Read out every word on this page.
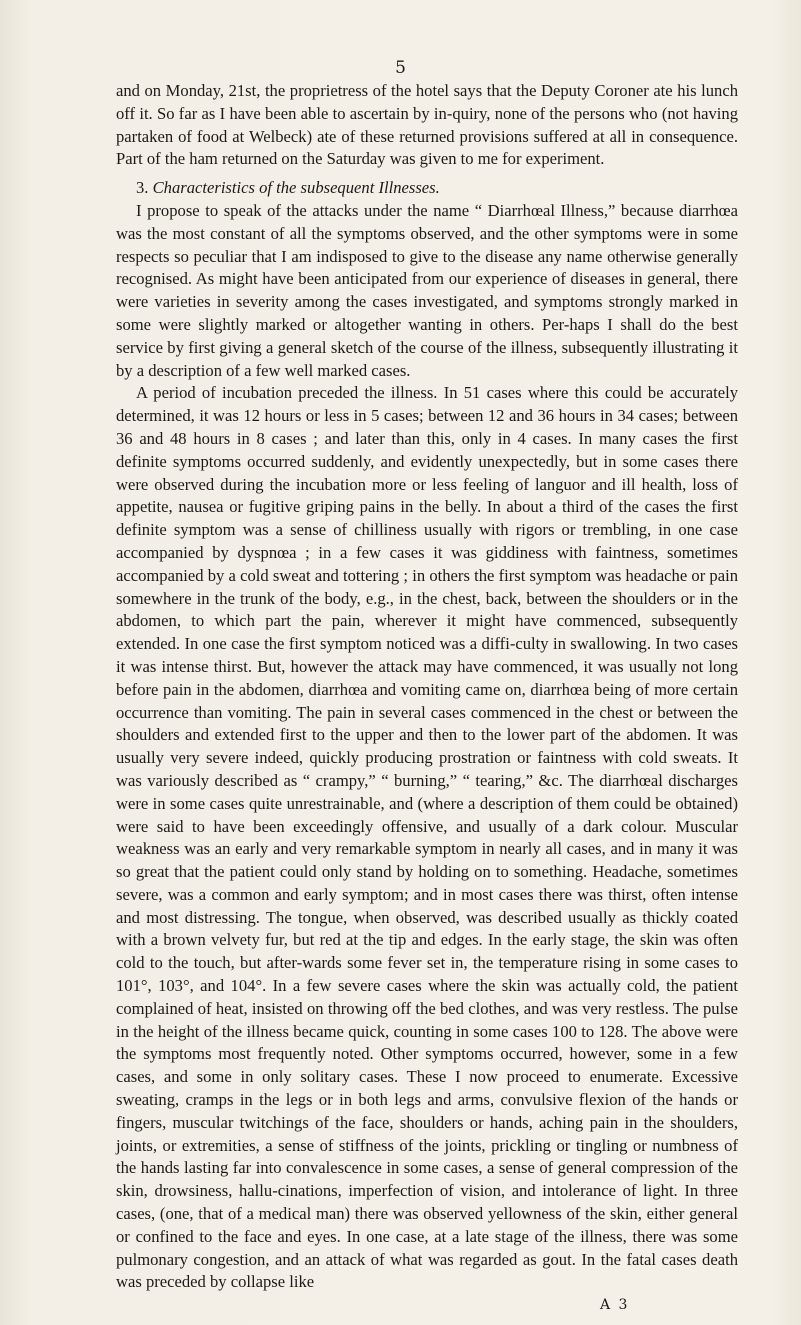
5

and on Monday, 21st, the proprietress of the hotel says that the Deputy Coroner ate his lunch off it. So far as I have been able to ascertain by in-quiry, none of the persons who (not having partaken of food at Welbeck) ate of these returned provisions suffered at all in consequence. Part of the ham returned on the Saturday was given to me for experiment.

3. Characteristics of the subsequent Illnesses.

I propose to speak of the attacks under the name “ Diarrhœal Illness,” because diarrhœa was the most constant of all the symptoms observed, and the other symptoms were in some respects so peculiar that I am indisposed to give to the disease any name otherwise generally recognised. As might have been anticipated from our experience of diseases in general, there were varieties in severity among the cases investigated, and symptoms strongly marked in some were slightly marked or altogether wanting in others. Per-haps I shall do the best service by first giving a general sketch of the course of the illness, subsequently illustrating it by a description of a few well marked cases.

A period of incubation preceded the illness. In 51 cases where this could be accurately determined, it was 12 hours or less in 5 cases; between 12 and 36 hours in 34 cases; between 36 and 48 hours in 8 cases ; and later than this, only in 4 cases. In many cases the first definite symptoms occurred suddenly, and evidently unexpectedly, but in some cases there were observed during the incubation more or less feeling of languor and ill health, loss of appetite, nausea or fugitive griping pains in the belly. In about a third of the cases the first definite symptom was a sense of chilliness usually with rigors or trembling, in one case accompanied by dyspnœa ; in a few cases it was giddiness with faintness, sometimes accompanied by a cold sweat and tottering ; in others the first symptom was headache or pain somewhere in the trunk of the body, e.g., in the chest, back, between the shoulders or in the abdomen, to which part the pain, wherever it might have commenced, subsequently extended. In one case the first symptom noticed was a diffi-culty in swallowing. In two cases it was intense thirst. But, however the attack may have commenced, it was usually not long before pain in the abdomen, diarrhœa and vomiting came on, diarrhœa being of more certain occurrence than vomiting. The pain in several cases commenced in the chest or between the shoulders and extended first to the upper and then to the lower part of the abdomen. It was usually very severe indeed, quickly producing prostration or faintness with cold sweats. It was variously described as “ crampy,” “ burning,” “ tearing,” &c. The diarrhœal discharges were in some cases quite unrestrainable, and (where a description of them could be obtained) were said to have been exceedingly offensive, and usually of a dark colour. Muscular weakness was an early and very remarkable symptom in nearly all cases, and in many it was so great that the patient could only stand by holding on to something. Headache, sometimes severe, was a common and early symptom; and in most cases there was thirst, often intense and most distressing. The tongue, when observed, was described usually as thickly coated with a brown velvety fur, but red at the tip and edges. In the early stage, the skin was often cold to the touch, but after-wards some fever set in, the temperature rising in some cases to 101°, 103°, and 104°. In a few severe cases where the skin was actually cold, the patient complained of heat, insisted on throwing off the bed clothes, and was very restless. The pulse in the height of the illness became quick, counting in some cases 100 to 128. The above were the symptoms most frequently noted. Other symptoms occurred, however, some in a few cases, and some in only solitary cases. These I now proceed to enumerate. Excessive sweating, cramps in the legs or in both legs and arms, convulsive flexion of the hands or fingers, muscular twitchings of the face, shoulders or hands, aching pain in the shoulders, joints, or extremities, a sense of stiffness of the joints, prickling or tingling or numbness of the hands lasting far into convalescence in some cases, a sense of general compression of the skin, drowsiness, hallu-cinations, imperfection of vision, and intolerance of light. In three cases, (one, that of a medical man) there was observed yellowness of the skin, either general or confined to the face and eyes. In one case, at a late stage of the illness, there was some pulmonary congestion, and an attack of what was regarded as gout. In the fatal cases death was preceded by collapse like

A 3
